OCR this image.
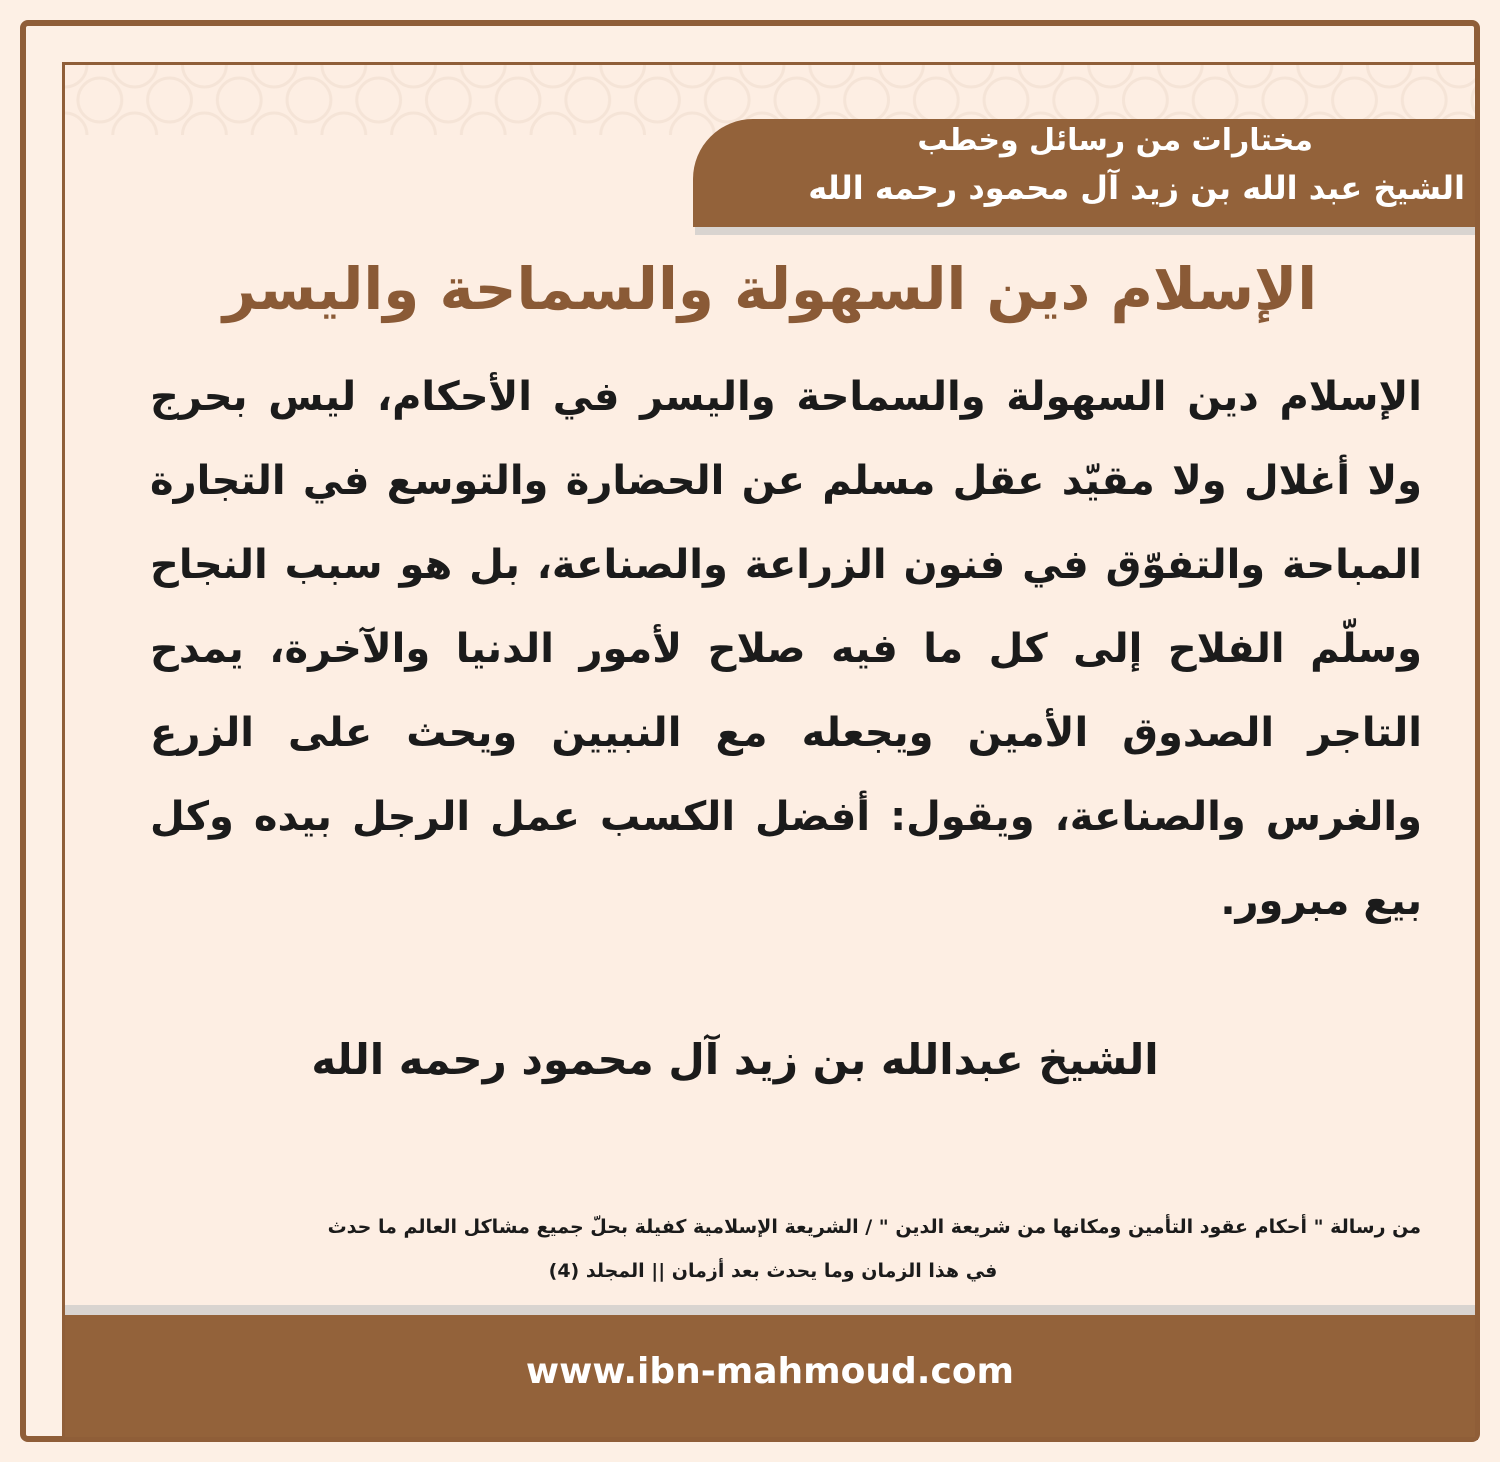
مختارات من رسائل وخطب
الشيخ عبد الله بن زيد آل محمود رحمه الله
الإسلام دين السهولة والسماحة واليسر
الإسلام دين السهولة والسماحة واليسر في الأحكام، ليس بحرج ولا أغلال ولا مقيّد عقل مسلم عن الحضارة والتوسع في التجارة المباحة والتفوّق في فنون الزراعة والصناعة، بل هو سبب النجاح وسلّم الفلاح إلى كل ما فيه صلاح لأمور الدنيا والآخرة، يمدح التاجر الصدوق الأمين ويجعله مع النبيين ويحث على الزرع والغرس والصناعة، ويقول: أفضل الكسب عمل الرجل بيده وكل بيع مبرور.
الشيخ عبدالله بن زيد آل محمود رحمه الله
من رسالة " أحكام عقود التأمين ومكانها من شريعة الدين " / الشريعة الإسلامية كفيلة بحلّ جميع مشاكل العالم ما حدث
في هذا الزمان وما يحدث بعد أزمان || المجلد (4)
www.ibn-mahmoud.com
